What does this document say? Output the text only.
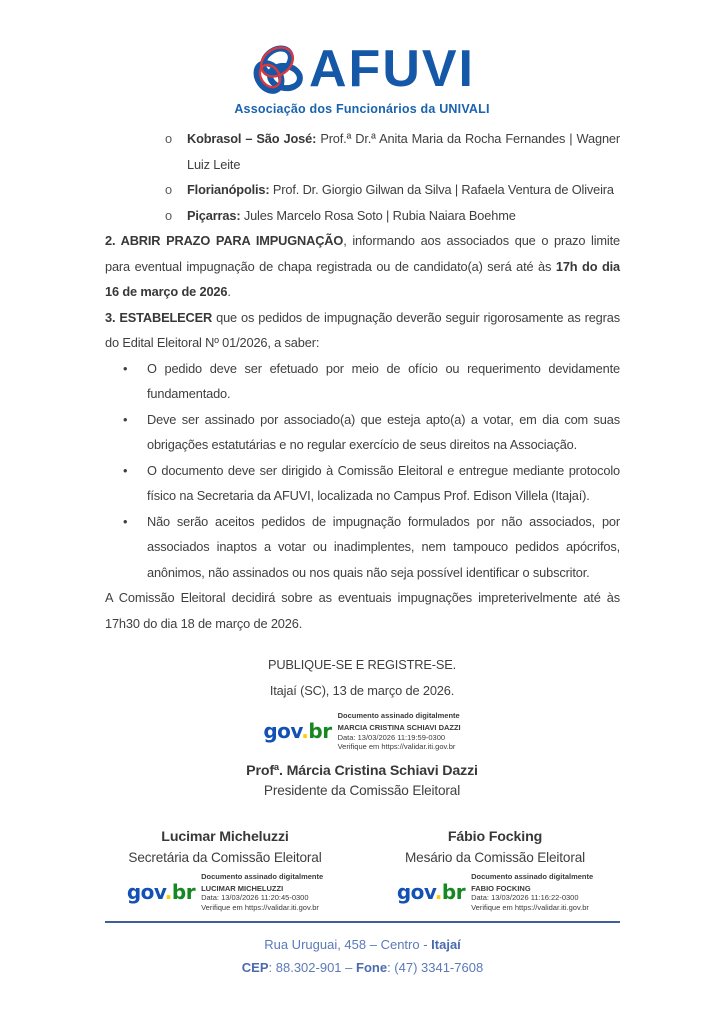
AFUVI
Associação dos Funcionários da UNIVALI
o	Kobrasol – São José: Prof.ª Dr.ª Anita Maria da Rocha Fernandes | Wagner Luiz Leite
o	Florianópolis: Prof. Dr. Giorgio Gilwan da Silva | Rafaela Ventura de Oliveira
o	Piçarras: Jules Marcelo Rosa Soto | Rubia Naiara Boehme

2. ABRIR PRAZO PARA IMPUGNAÇÃO, informando aos associados que o prazo limite para eventual impugnação de chapa registrada ou de candidato(a) será até às 17h do dia 16 de março de 2026.

3. ESTABELECER que os pedidos de impugnação deverão seguir rigorosamente as regras do Edital Eleitoral Nº 01/2026, a saber:

•	O pedido deve ser efetuado por meio de ofício ou requerimento devidamente fundamentado.
•	Deve ser assinado por associado(a) que esteja apto(a) a votar, em dia com suas obrigações estatutárias e no regular exercício de seus direitos na Associação.
•	O documento deve ser dirigido à Comissão Eleitoral e entregue mediante protocolo físico na Secretaria da AFUVI, localizada no Campus Prof. Edison Villela (Itajaí).
•	Não serão aceitos pedidos de impugnação formulados por não associados, por associados inaptos a votar ou inadimplentes, nem tampouco pedidos apócrifos, anônimos, não assinados ou nos quais não seja possível identificar o subscritor.

A Comissão Eleitoral decidirá sobre as eventuais impugnações impreterivelmente até às 17h30 do dia 18 de março de 2026.

PUBLIQUE-SE E REGISTRE-SE.
Itajaí (SC), 13 de março de 2026.
gov.br
Documento assinado digitalmente
MARCIA CRISTINA SCHIAVI DAZZI
Data: 13/03/2026 11:19:59-0300
Verifique em https://validar.iti.gov.br
Profª. Márcia Cristina Schiavi Dazzi
Presidente da Comissão Eleitoral
Lucimar Micheluzzi
Secretária da Comissão Eleitoral
gov.br
Documento assinado digitalmente
LUCIMAR MICHELUZZI
Data: 13/03/2026 11:20:45-0300
Verifique em https://validar.iti.gov.br
Fábio Focking
Mesário da Comissão Eleitoral
gov.br
Documento assinado digitalmente
FABIO FOCKING
Data: 13/03/2026 11:16:22-0300
Verifique em https://validar.iti.gov.br
Rua Uruguai, 458 – Centro - Itajaí
CEP: 88.302-901 – Fone: (47) 3341-7608
